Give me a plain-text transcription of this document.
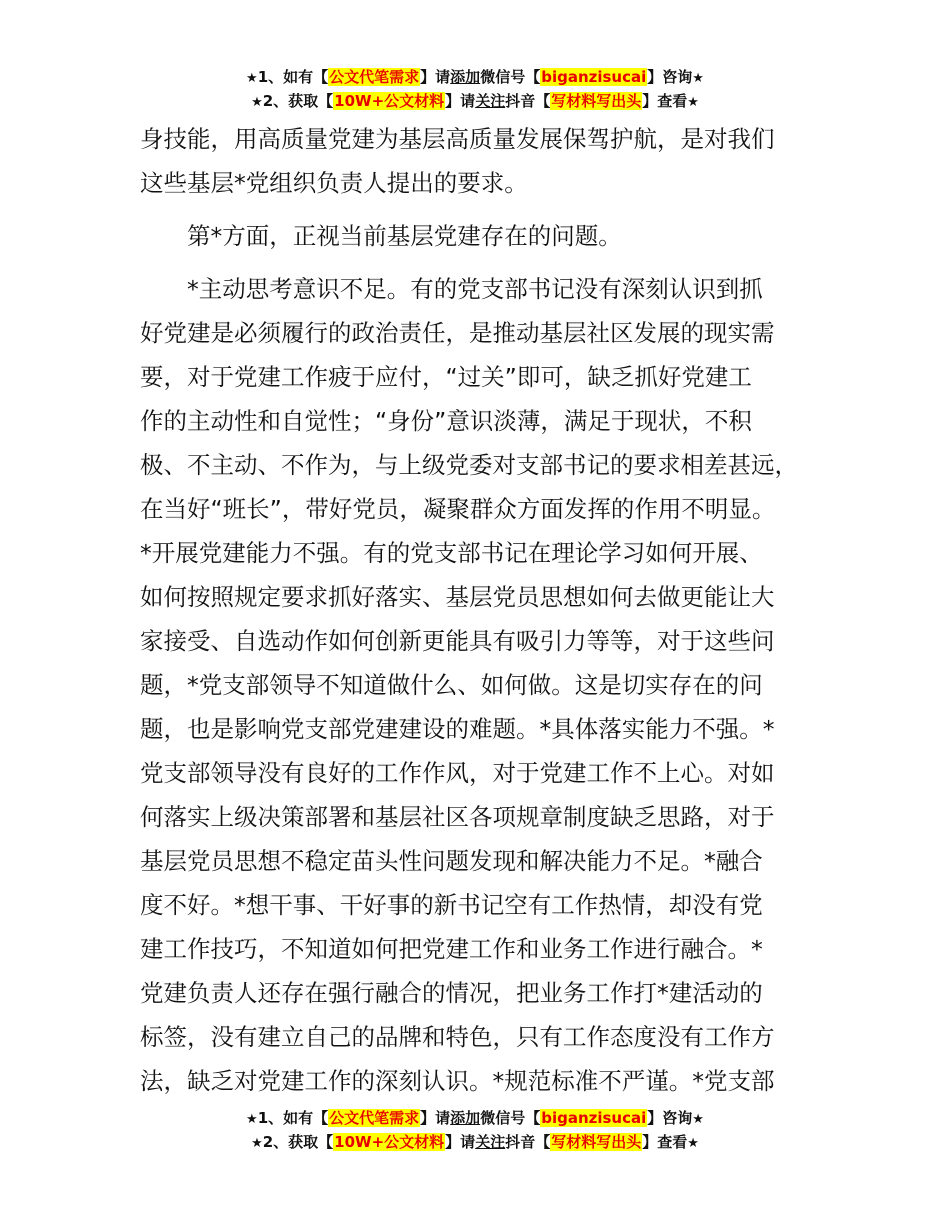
★1、如有【公文代笔需求】请添加微信号【biganzisucai】咨询★
★2、获取【10W+公文材料】请关注抖音【写材料写出头】查看★

身技能，用高质量党建为基层高质量发展保驾护航，是对我们

这些基层*党组织负责人提出的要求。

　　第*方面，正视当前基层党建存在的问题。

　　*主动思考意识不足。有的党支部书记没有深刻认识到抓

好党建是必须履行的政治责任，是推动基层社区发展的现实需

要，对于党建工作疲于应付，“过关”即可，缺乏抓好党建工

作的主动性和自觉性；“身份”意识淡薄，满足于现状，不积

极、不主动、不作为，与上级党委对支部书记的要求相差甚远，

在当好“班长”，带好党员，凝聚群众方面发挥的作用不明显。

*开展党建能力不强。有的党支部书记在理论学习如何开展、

如何按照规定要求抓好落实、基层党员思想如何去做更能让大

家接受、自选动作如何创新更能具有吸引力等等，对于这些问

题，*党支部领导不知道做什么、如何做。这是切实存在的问

题，也是影响党支部党建建设的难题。*具体落实能力不强。*

党支部领导没有良好的工作作风，对于党建工作不上心。对如

何落实上级决策部署和基层社区各项规章制度缺乏思路，对于

基层党员思想不稳定苗头性问题发现和解决能力不足。*融合

度不好。*想干事、干好事的新书记空有工作热情，却没有党

建工作技巧，不知道如何把党建工作和业务工作进行融合。*

党建负责人还存在强行融合的情况，把业务工作打*建活动的

标签，没有建立自己的品牌和特色，只有工作态度没有工作方

法，缺乏对党建工作的深刻认识。*规范标准不严谨。*党支部

★1、如有【公文代笔需求】请添加微信号【biganzisucai】咨询★
★2、获取【10W+公文材料】请关注抖音【写材料写出头】查看★
